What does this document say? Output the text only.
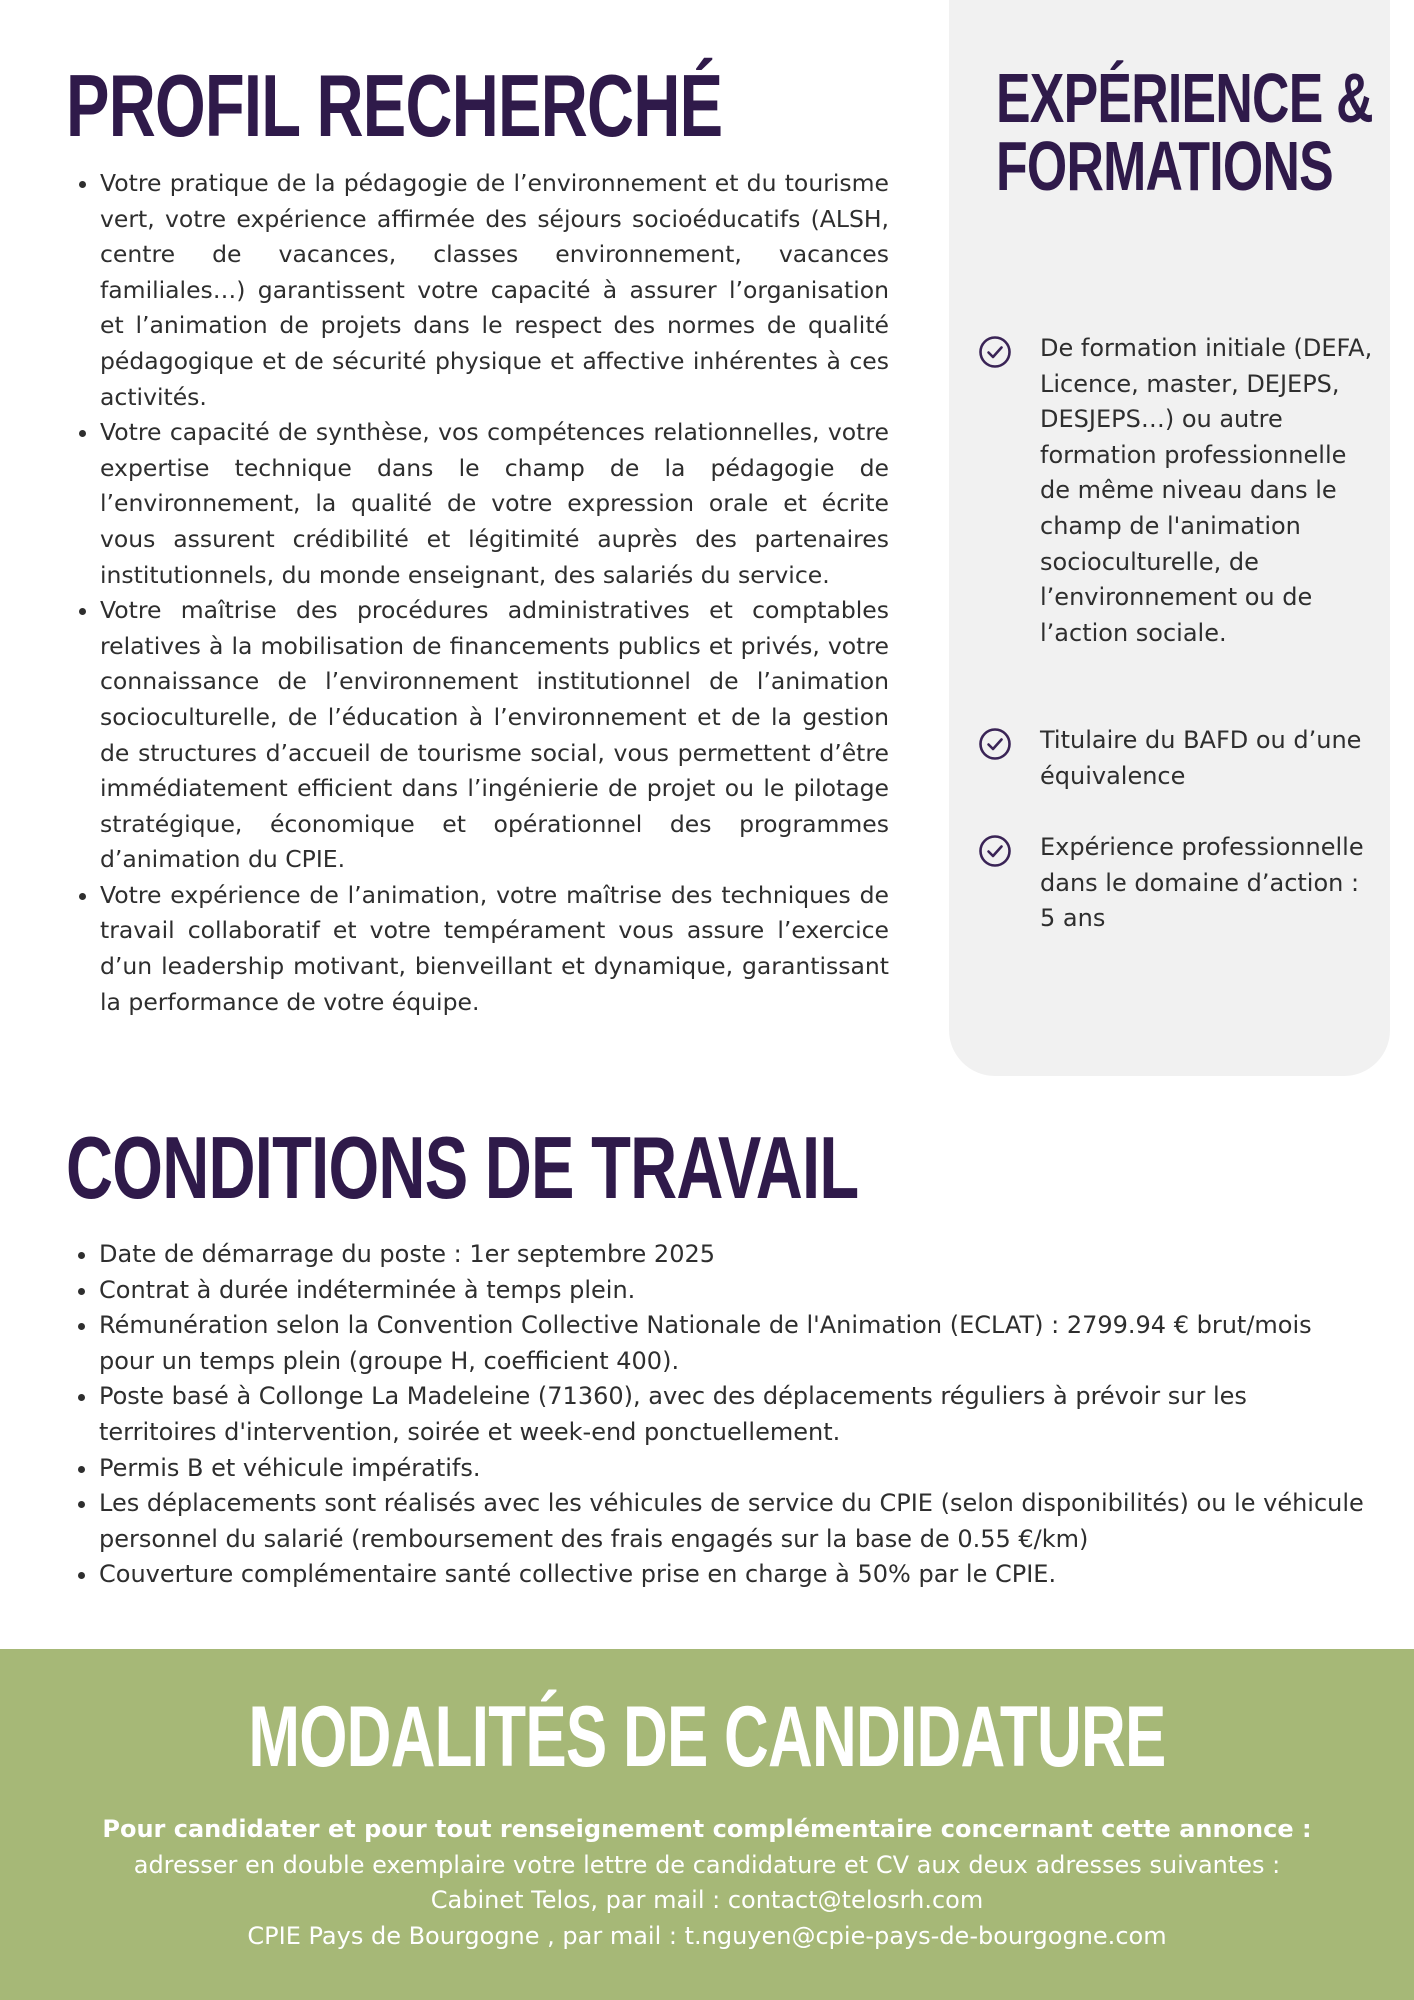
PROFIL RECHERCHÉ
• Votre pratique de la pédagogie de l’environnement et du tourisme vert, votre expérience affirmée des séjours socioéducatifs (ALSH, centre de vacances, classes environnement, vacances familiales…) garantissent votre capacité à assurer l’organisation et l’animation de projets dans le respect des normes de qualité pédagogique et de sécurité physique et affective inhérentes à ces activités.
• Votre capacité de synthèse, vos compétences relationnelles, votre expertise technique dans le champ de la pédagogie de l’environnement, la qualité de votre expression orale et écrite vous assurent crédibilité et légitimité auprès des partenaires institutionnels, du monde enseignant, des salariés du service.
• Votre maîtrise des procédures administratives et comptables relatives à la mobilisation de financements publics et privés, votre connaissance de l’environnement institutionnel de l’animation socioculturelle, de l’éducation à l’environnement et de la gestion de structures d’accueil de tourisme social, vous permettent d’être immédiatement efficient dans l’ingénierie de projet ou le pilotage stratégique, économique et opérationnel des programmes d’animation du CPIE.
• Votre expérience de l’animation, votre maîtrise des techniques de travail collaboratif et votre tempérament vous assure l’exercice d’un leadership motivant, bienveillant et dynamique, garantissant la performance de votre équipe.
EXPÉRIENCE &
FORMATIONS
De formation initiale (DEFA, Licence, master, DEJEPS, DESJEPS…) ou autre formation professionnelle de même niveau dans le champ de l'animation socioculturelle, de l’environnement ou de l’action sociale.
Titulaire du BAFD ou d’une équivalence
Expérience professionnelle dans le domaine d’action : 5 ans
CONDITIONS DE TRAVAIL
• Date de démarrage du poste : 1er septembre 2025
• Contrat à durée indéterminée à temps plein.
• Rémunération selon la Convention Collective Nationale de l'Animation (ECLAT) : 2799.94 € brut/mois pour un temps plein (groupe H, coefficient 400).
• Poste basé à Collonge La Madeleine (71360), avec des déplacements réguliers à prévoir sur les territoires d'intervention, soirée et week-end ponctuellement.
• Permis B et véhicule impératifs.
• Les déplacements sont réalisés avec les véhicules de service du CPIE (selon disponibilités) ou le véhicule personnel du salarié (remboursement des frais engagés sur la base de 0.55 €/km)
• Couverture complémentaire santé collective prise en charge à 50% par le CPIE.
MODALITÉS DE CANDIDATURE
Pour candidater et pour tout renseignement complémentaire concernant cette annonce :
adresser en double exemplaire votre lettre de candidature et CV aux deux adresses suivantes :
Cabinet Telos, par mail : contact@telosrh.com
CPIE Pays de Bourgogne , par mail : t.nguyen@cpie-pays-de-bourgogne.com
